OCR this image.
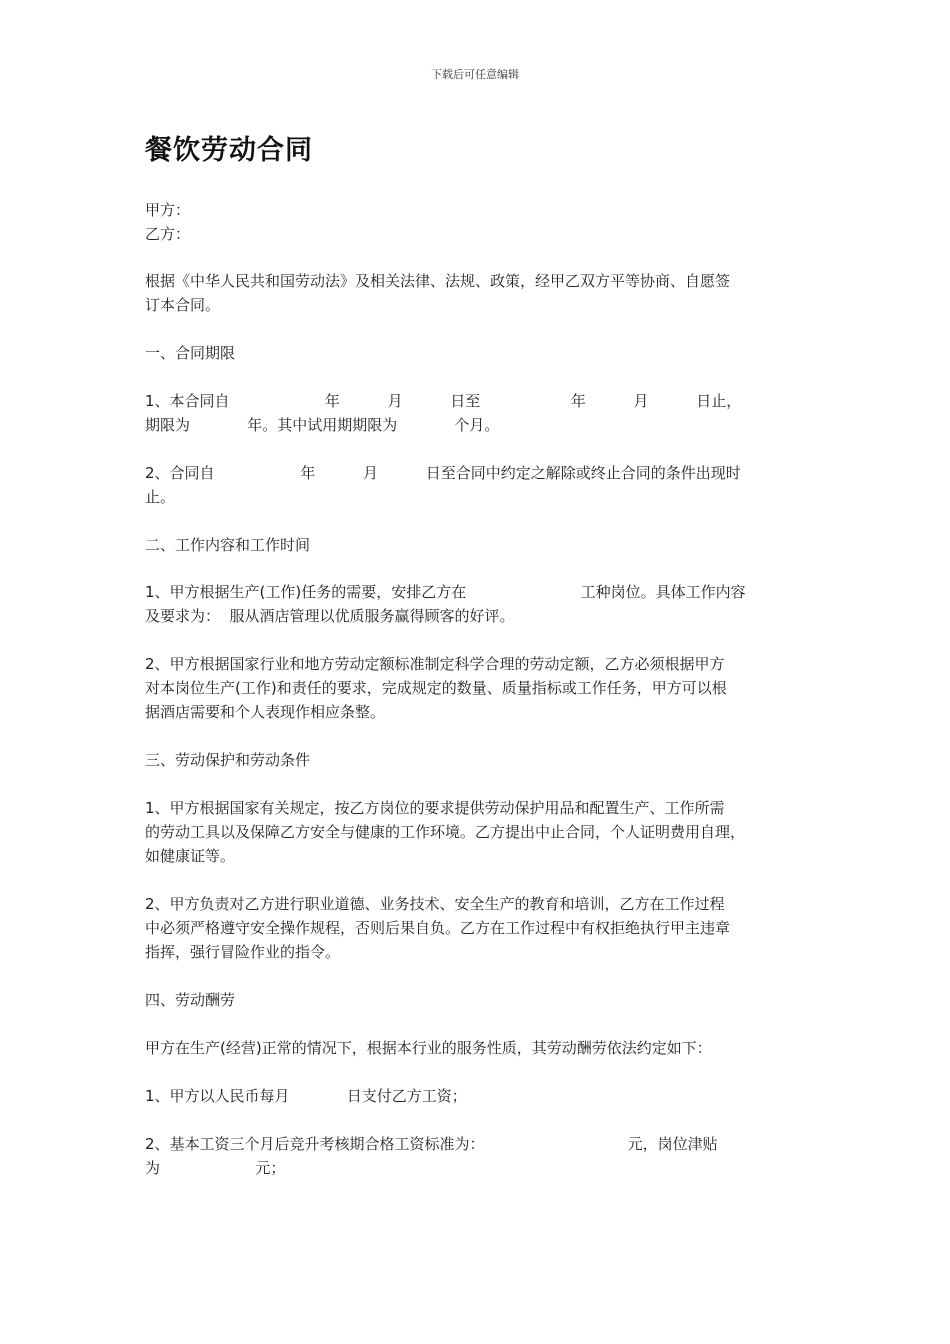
下载后可任意编辑
餐饮劳动合同
甲方：
乙方：
根据《中华人民共和国劳动法》及相关法律、法规、政策，经甲乙双方平等协商、自愿签
订本合同。
一、合同期限
1、本合同自                    年          月          日至                   年          月          日止，
期限为            年。其中试用期期限为            个月。
2、合同自                  年          月          日至合同中约定之解除或终止合同的条件出现时
止。
二、工作内容和工作时间
1、甲方根据生产(工作)任务的需要，安排乙方在                        工种岗位。具体工作内容
及要求为：  服从酒店管理以优质服务赢得顾客的好评。
2、甲方根据国家行业和地方劳动定额标准制定科学合理的劳动定额，乙方必须根据甲方
对本岗位生产(工作)和责任的要求，完成规定的数量、质量指标或工作任务，甲方可以根
据酒店需要和个人表现作相应条整。
三、劳动保护和劳动条件
1、甲方根据国家有关规定，按乙方岗位的要求提供劳动保护用品和配置生产、工作所需
的劳动工具以及保障乙方安全与健康的工作环境。乙方提出中止合同，个人证明费用自理，
如健康证等。
2、甲方负责对乙方进行职业道德、业务技术、安全生产的教育和培训，乙方在工作过程
中必须严格遵守安全操作规程，否则后果自负。乙方在工作过程中有权拒绝执行甲主违章
指挥，强行冒险作业的指令。
四、劳动酬劳
甲方在生产(经营)正常的情况下，根据本行业的服务性质，其劳动酬劳依法约定如下：
1、甲方以人民币每月            日支付乙方工资；
2、基本工资三个月后竞升考核期合格工资标准为：                              元，岗位津贴
为                    元；
